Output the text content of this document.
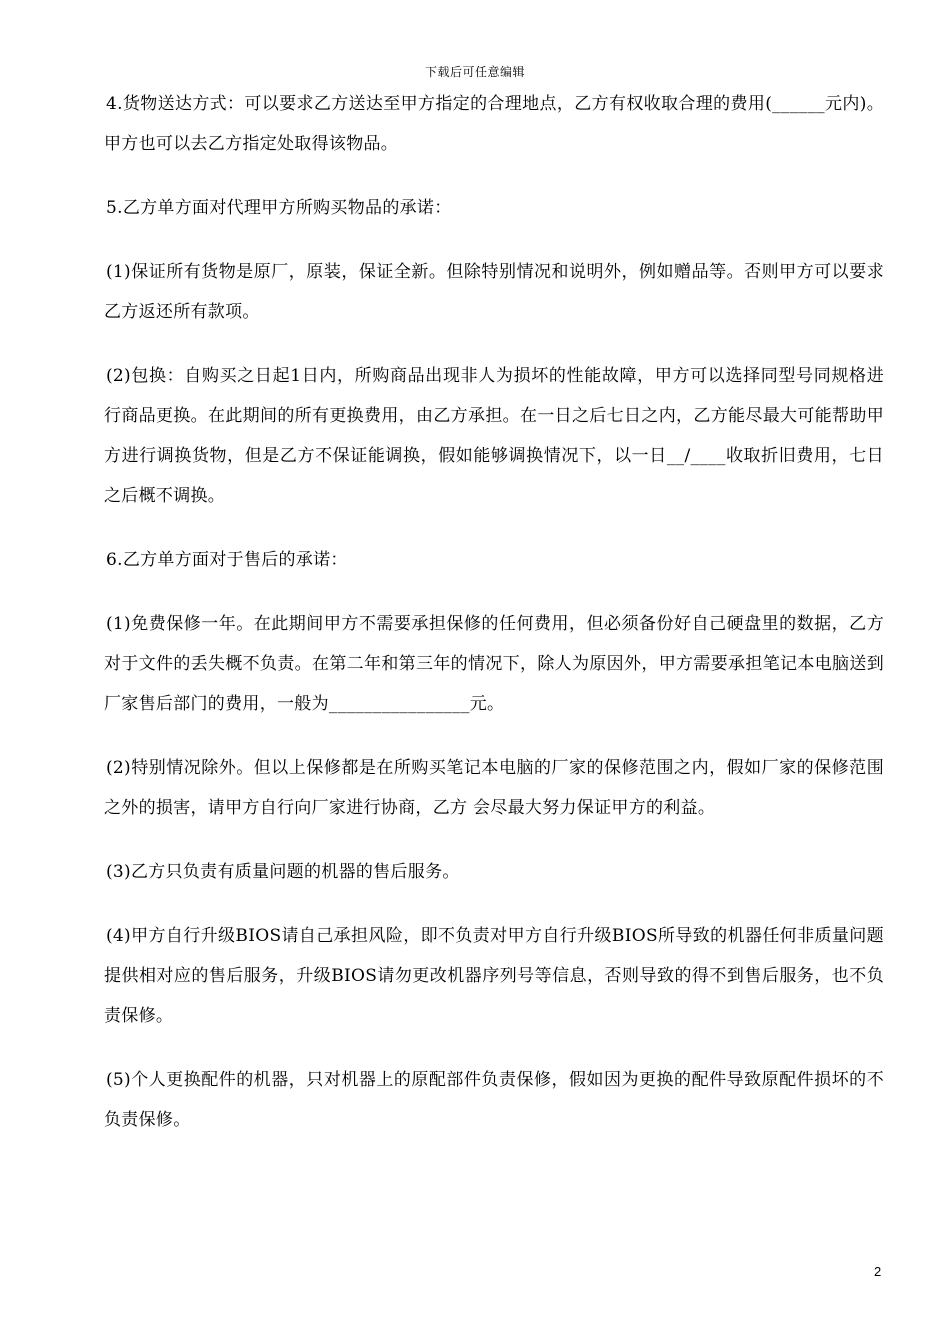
下载后可任意编辑

4.货物送达方式：可以要求乙方送达至甲方指定的合理地点，乙方有权收取合理的费用(______元内)。甲方也可以去乙方指定处取得该物品。

5.乙方单方面对代理甲方所购买物品的承诺：

(1)保证所有货物是原厂，原装，保证全新。但除特别情况和说明外，例如赠品等。否则甲方可以要求乙方返还所有款项。

(2)包换：自购买之日起1日内，所购商品出现非人为损坏的性能故障，甲方可以选择同型号同规格进行商品更换。在此期间的所有更换费用，由乙方承担。在一日之后七日之内，乙方能尽最大可能帮助甲方进行调换货物，但是乙方不保证能调换，假如能够调换情况下，以一日__/____收取折旧费用，七日之后概不调换。

6.乙方单方面对于售后的承诺：

(1)免费保修一年。在此期间甲方不需要承担保修的任何费用，但必须备份好自己硬盘里的数据，乙方对于文件的丢失概不负责。在第二年和第三年的情况下，除人为原因外，甲方需要承担笔记本电脑送到厂家售后部门的费用，一般为________________元。

(2)特别情况除外。但以上保修都是在所购买笔记本电脑的厂家的保修范围之内，假如厂家的保修范围之外的损害，请甲方自行向厂家进行协商，乙方 会尽最大努力保证甲方的利益。

(3)乙方只负责有质量问题的机器的售后服务。

(4)甲方自行升级BIOS请自己承担风险，即不负责对甲方自行升级BIOS所导致的机器任何非质量问题提供相对应的售后服务，升级BIOS请勿更改机器序列号等信息，否则导致的得不到售后服务，也不负责保修。

(5)个人更换配件的机器，只对机器上的原配部件负责保修，假如因为更换的配件导致原配件损坏的不负责保修。

2
